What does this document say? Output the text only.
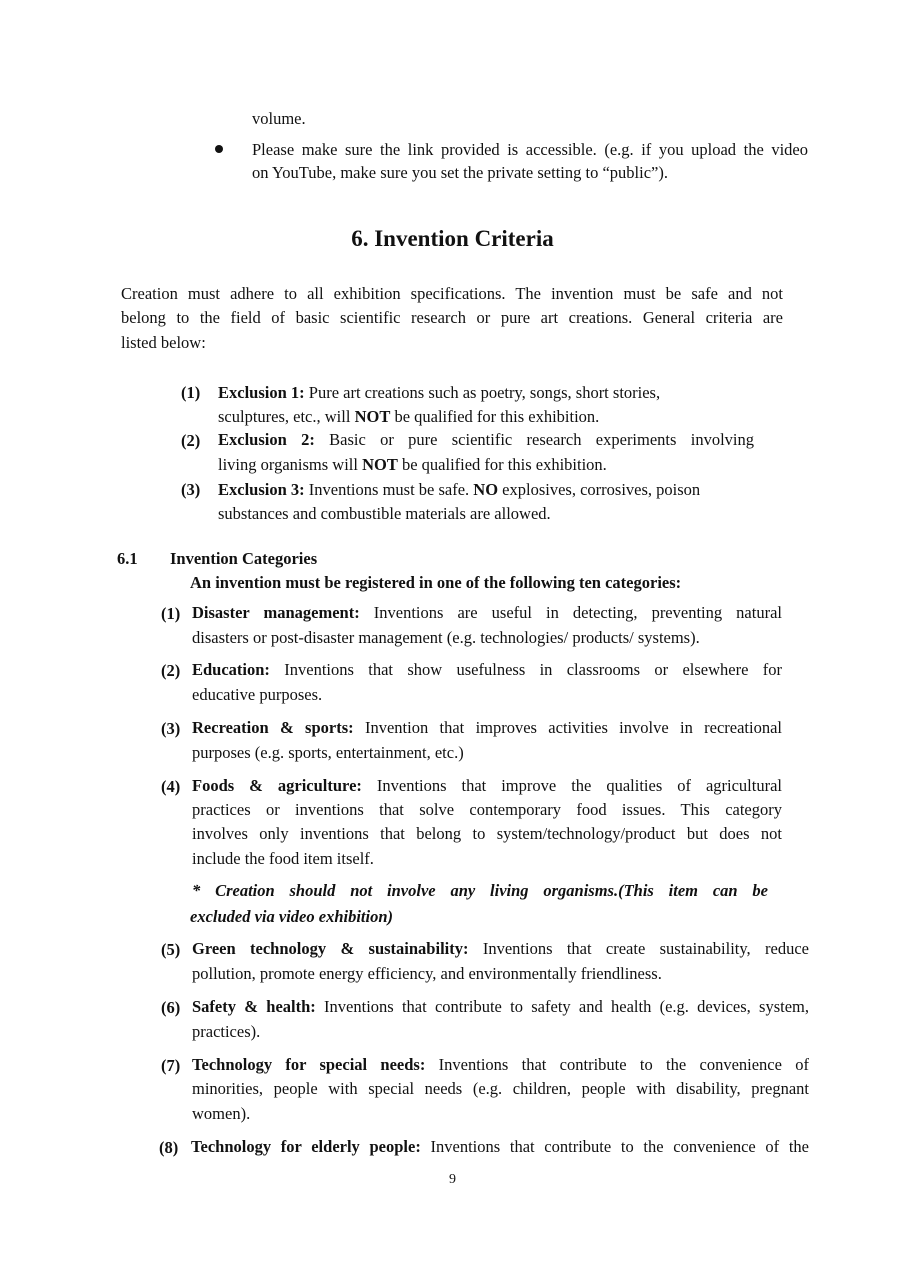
volume.
Please make sure the link provided is accessible. (e.g. if you upload the video
on YouTube, make sure you set the private setting to “public”).
6. Invention Criteria
Creation must adhere to all exhibition specifications. The invention must be safe and not
belong to the field of basic scientific research or pure art creations. General criteria are
listed below:
(1) Exclusion 1: Pure art creations such as poetry, songs, short stories,
sculptures, etc., will NOT be qualified for this exhibition.
(2) Exclusion 2: Basic or pure scientific research experiments involving
living organisms will NOT be qualified for this exhibition.
(3) Exclusion 3: Inventions must be safe. NO explosives, corrosives, poison
substances and combustible materials are allowed.
6.1 Invention Categories
An invention must be registered in one of the following ten categories:
(1) Disaster management: Inventions are useful in detecting, preventing natural
disasters or post-disaster management (e.g. technologies/ products/ systems).
(2) Education: Inventions that show usefulness in classrooms or elsewhere for
educative purposes.
(3) Recreation & sports: Invention that improves activities involve in recreational
purposes (e.g. sports, entertainment, etc.)
(4) Foods & agriculture: Inventions that improve the qualities of agricultural
practices or inventions that solve contemporary food issues. This category
involves only inventions that belong to system/technology/product but does not
include the food item itself.
* Creation should not involve any living organisms.(This item can be
excluded via video exhibition)
(5) Green technology & sustainability: Inventions that create sustainability, reduce
pollution, promote energy efficiency, and environmentally friendliness.
(6) Safety & health: Inventions that contribute to safety and health (e.g. devices, system,
practices).
(7) Technology for special needs: Inventions that contribute to the convenience of
minorities, people with special needs (e.g. children, people with disability, pregnant
women).
(8) Technology for elderly people: Inventions that contribute to the convenience of the
9
